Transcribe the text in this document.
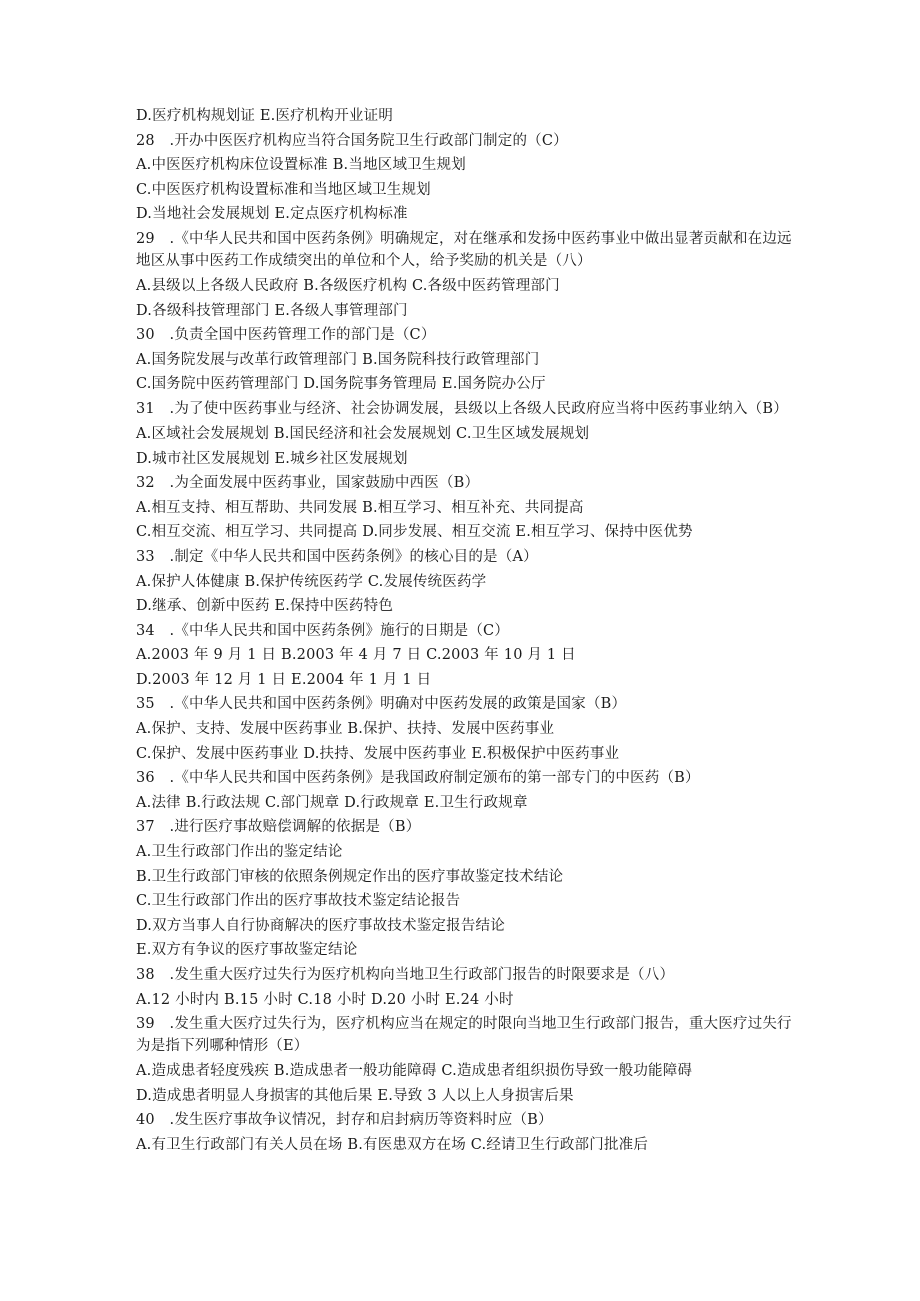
D.医疗机构规划证 E.医疗机构开业证明
28　.开办中医医疗机构应当符合国务院卫生行政部门制定的（C）
A.中医医疗机构床位设置标准 B.当地区域卫生规划
C.中医医疗机构设置标准和当地区域卫生规划
D.当地社会发展规划 E.定点医疗机构标准
29　.《中华人民共和国中医药条例》明确规定，对在继承和发扬中医药事业中做出显著贡献和在边远地区从事中医药工作成绩突出的单位和个人，给予奖励的机关是（八）
A.县级以上各级人民政府 B.各级医疗机构 C.各级中医药管理部门
D.各级科技管理部门 E.各级人事管理部门
30　.负责全国中医药管理工作的部门是（C）
A.国务院发展与改革行政管理部门 B.国务院科技行政管理部门
C.国务院中医药管理部门 D.国务院事务管理局 E.国务院办公厅
31　.为了使中医药事业与经济、社会协调发展，县级以上各级人民政府应当将中医药事业纳入（B）
A.区域社会发展规划 B.国民经济和社会发展规划 C.卫生区域发展规划
D.城市社区发展规划 E.城乡社区发展规划
32　.为全面发展中医药事业，国家鼓励中西医（B）
A.相互支持、相互帮助、共同发展 B.相互学习、相互补充、共同提高
C.相互交流、相互学习、共同提高 D.同步发展、相互交流 E.相互学习、保持中医优势
33　.制定《中华人民共和国中医药条例》的核心目的是（A）
A.保护人体健康 B.保护传统医药学 C.发展传统医药学
D.继承、创新中医药 E.保持中医药特色
34　.《中华人民共和国中医药条例》施行的日期是（C）
A.2003 年 9 月 1 日 B.2003 年 4 月 7 日 C.2003 年 10 月 1 日
D.2003 年 12 月 1 日 E.2004 年 1 月 1 日
35　.《中华人民共和国中医药条例》明确对中医药发展的政策是国家（B）
A.保护、支持、发展中医药事业 B.保护、扶持、发展中医药事业
C.保护、发展中医药事业 D.扶持、发展中医药事业 E.积极保护中医药事业
36　.《中华人民共和国中医药条例》是我国政府制定颁布的第一部专门的中医药（B）
A.法律 B.行政法规 C.部门规章 D.行政规章 E.卫生行政规章
37　.进行医疗事故赔偿调解的依据是（B）
A.卫生行政部门作出的鉴定结论
B.卫生行政部门审核的依照条例规定作出的医疗事故鉴定技术结论
C.卫生行政部门作出的医疗事故技术鉴定结论报告
D.双方当事人自行协商解决的医疗事故技术鉴定报告结论
E.双方有争议的医疗事故鉴定结论
38　.发生重大医疗过失行为医疗机构向当地卫生行政部门报告的时限要求是（八）
A.12 小时内 B.15 小时 C.18 小时 D.20 小时 E.24 小时
39　.发生重大医疗过失行为，医疗机构应当在规定的时限向当地卫生行政部门报告，重大医疗过失行为是指下列哪种情形（E）
A.造成患者轻度残疾 B.造成患者一般功能障碍 C.造成患者组织损伤导致一般功能障碍
D.造成患者明显人身损害的其他后果 E.导致 3 人以上人身损害后果
40　.发生医疗事故争议情况，封存和启封病历等资料时应（B）
A.有卫生行政部门有关人员在场 B.有医患双方在场 C.经请卫生行政部门批准后
